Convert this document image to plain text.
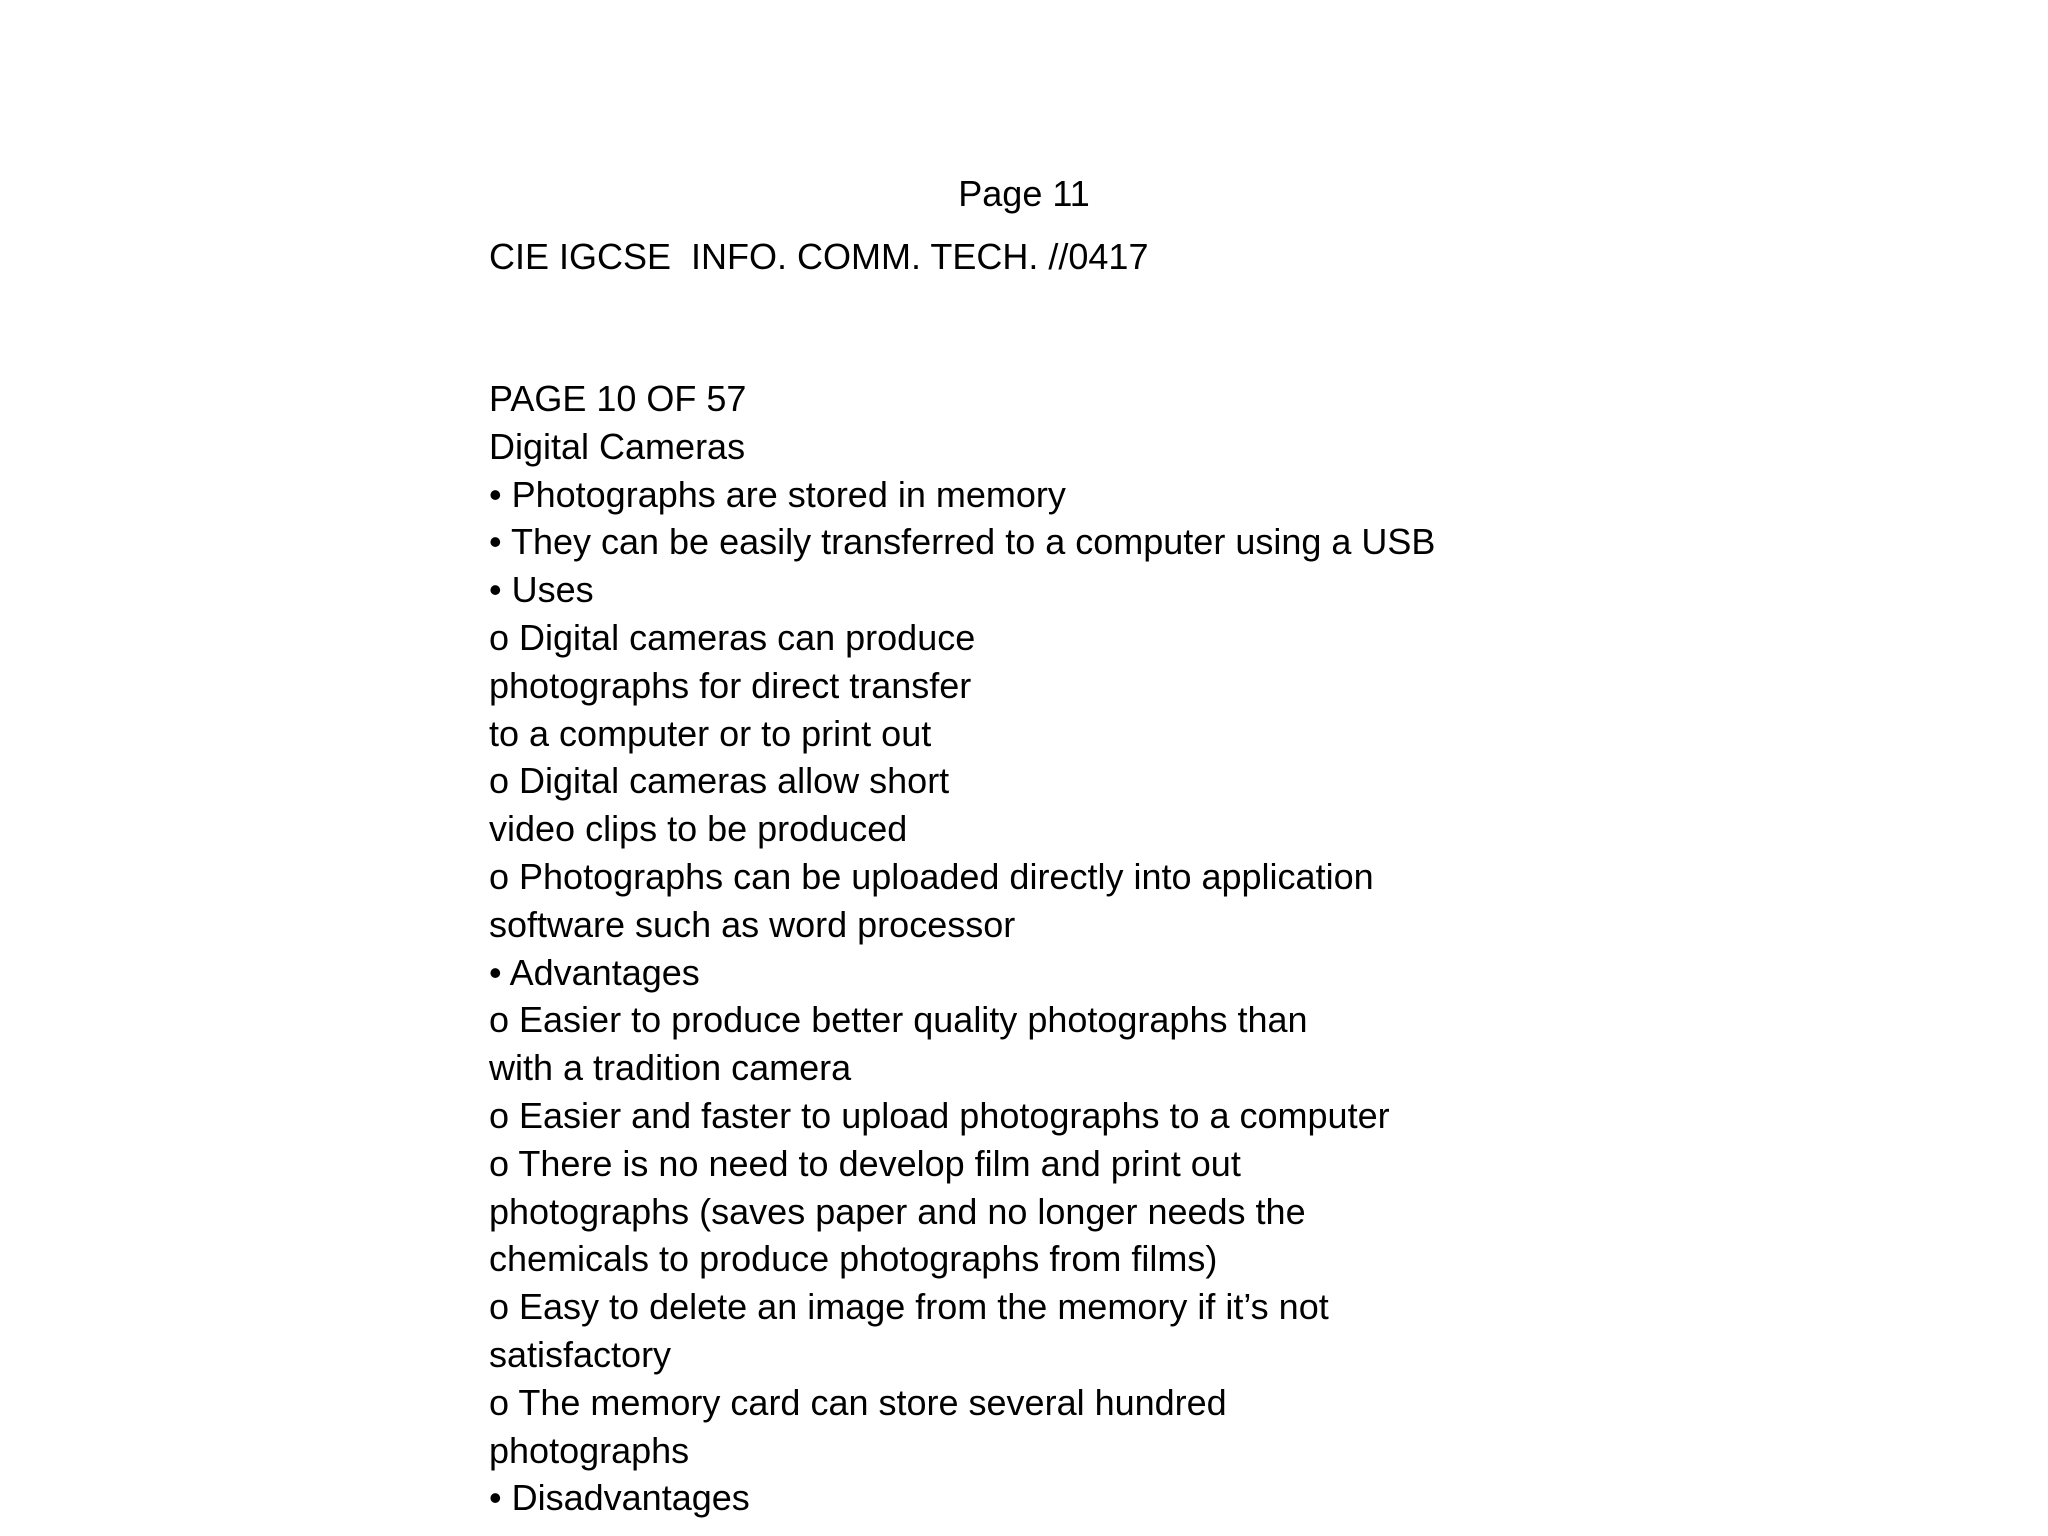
Page 11
CIE IGCSE  INFO. COMM. TECH. //0417
PAGE 10 OF 57
Digital Cameras
• Photographs are stored in memory
• They can be easily transferred to a computer using a USB
• Uses
o Digital cameras can produce
photographs for direct transfer
to a computer or to print out
o Digital cameras allow short
video clips to be produced
o Photographs can be uploaded directly into application
software such as word processor
• Advantages
o Easier to produce better quality photographs than
with a tradition camera
o Easier and faster to upload photographs to a computer
o There is no need to develop film and print out
photographs (saves paper and no longer needs the
chemicals to produce photographs from films)
o Easy to delete an image from the memory if it’s not
satisfactory
o The memory card can store several hundred
photographs
• Disadvantages
